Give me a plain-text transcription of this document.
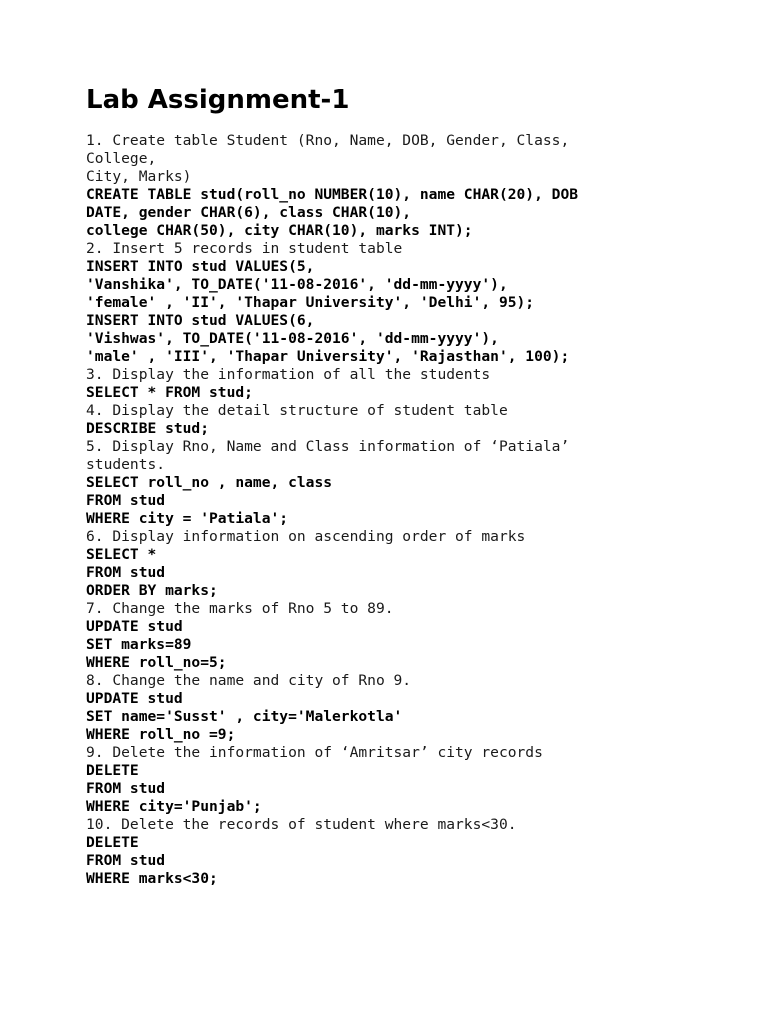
Lab Assignment-1
1. Create table Student (Rno, Name, DOB, Gender, Class,
College,
City, Marks)
CREATE TABLE stud(roll_no NUMBER(10), name CHAR(20), DOB
DATE, gender CHAR(6), class CHAR(10),
college CHAR(50), city CHAR(10), marks INT);
2. Insert 5 records in student table
INSERT INTO stud VALUES(5,
'Vanshika', TO_DATE('11-08-2016', 'dd-mm-yyyy'),
'female' , 'II', 'Thapar University', 'Delhi', 95);
INSERT INTO stud VALUES(6,
'Vishwas', TO_DATE('11-08-2016', 'dd-mm-yyyy'),
'male' , 'III', 'Thapar University', 'Rajasthan', 100);
3. Display the information of all the students
SELECT * FROM stud;
4. Display the detail structure of student table
DESCRIBE stud;
5. Display Rno, Name and Class information of ‘Patiala’
students.
SELECT roll_no , name, class
FROM stud
WHERE city = 'Patiala';
6. Display information on ascending order of marks
SELECT *
FROM stud
ORDER BY marks;
7. Change the marks of Rno 5 to 89.
UPDATE stud
SET marks=89
WHERE roll_no=5;
8. Change the name and city of Rno 9.
UPDATE stud
SET name='Susst' , city='Malerkotla'
WHERE roll_no =9;
9. Delete the information of ‘Amritsar’ city records
DELETE
FROM stud
WHERE city='Punjab';
10. Delete the records of student where marks<30.
DELETE
FROM stud
WHERE marks<30;
